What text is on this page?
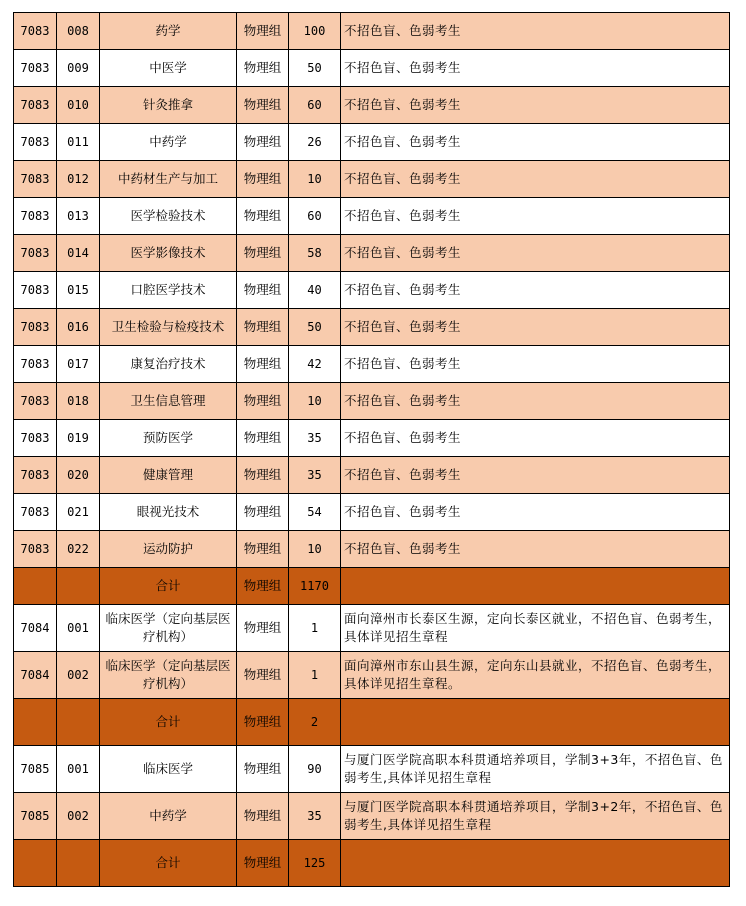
7083	008	药学	物理组	100	不招色盲、色弱考生
7083	009	中医学	物理组	50	不招色盲、色弱考生
7083	010	针灸推拿	物理组	60	不招色盲、色弱考生
7083	011	中药学	物理组	26	不招色盲、色弱考生
7083	012	中药材生产与加工	物理组	10	不招色盲、色弱考生
7083	013	医学检验技术	物理组	60	不招色盲、色弱考生
7083	014	医学影像技术	物理组	58	不招色盲、色弱考生
7083	015	口腔医学技术	物理组	40	不招色盲、色弱考生
7083	016	卫生检验与检疫技术	物理组	50	不招色盲、色弱考生
7083	017	康复治疗技术	物理组	42	不招色盲、色弱考生
7083	018	卫生信息管理	物理组	10	不招色盲、色弱考生
7083	019	预防医学	物理组	35	不招色盲、色弱考生
7083	020	健康管理	物理组	35	不招色盲、色弱考生
7083	021	眼视光技术	物理组	54	不招色盲、色弱考生
7083	022	运动防护	物理组	10	不招色盲、色弱考生
		合计	物理组	1170	
7084	001	临床医学（定向基层医疗机构）	物理组	1	面向漳州市长泰区生源，定向长泰区就业，不招色盲、色弱考生，具体详见招生章程
7084	002	临床医学（定向基层医疗机构）	物理组	1	面向漳州市东山县生源，定向东山县就业，不招色盲、色弱考生，具体详见招生章程。
		合计	物理组	2	
7085	001	临床医学	物理组	90	与厦门医学院高职本科贯通培养项目，学制3+3年，不招色盲、色弱考生,具体详见招生章程
7085	002	中药学	物理组	35	与厦门医学院高职本科贯通培养项目，学制3+2年，不招色盲、色弱考生,具体详见招生章程
		合计	物理组	125	
